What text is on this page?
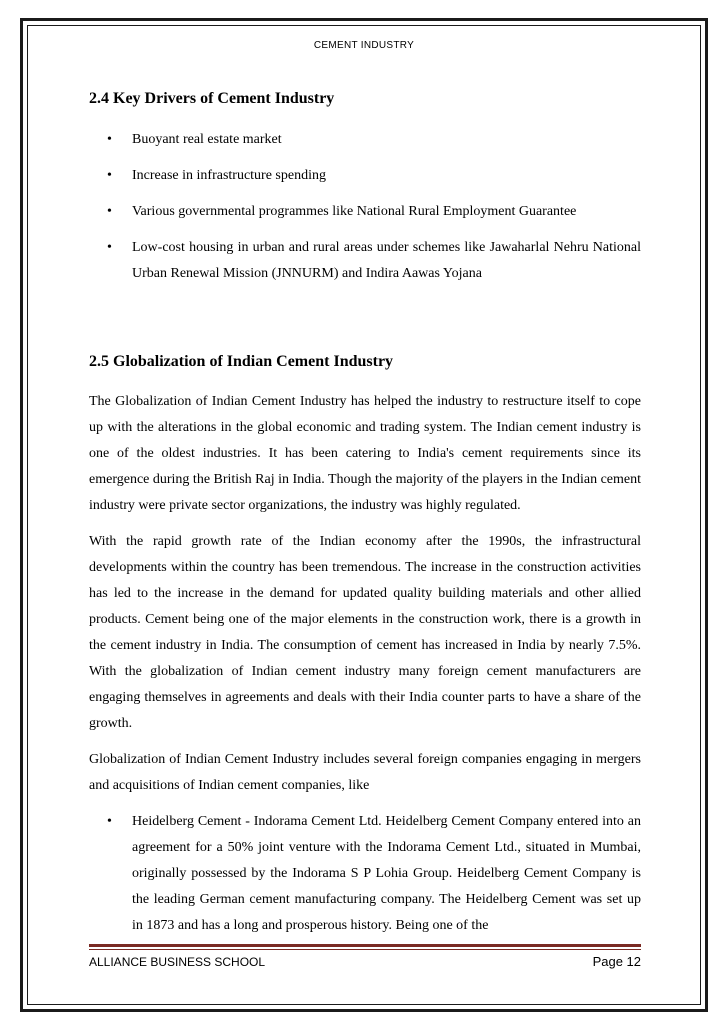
CEMENT INDUSTRY
2.4 Key Drivers of Cement Industry
• Buoyant real estate market
• Increase in infrastructure spending
• Various governmental programmes like National Rural Employment Guarantee
• Low-cost housing in urban and rural areas under schemes like Jawaharlal Nehru National Urban Renewal Mission (JNNURM) and Indira Aawas Yojana
2.5 Globalization of Indian Cement Industry

The Globalization of Indian Cement Industry has helped the industry to restructure itself to cope up with the alterations in the global economic and trading system. The Indian cement industry is one of the oldest industries. It has been catering to India's cement requirements since its emergence during the British Raj in India. Though the majority of the players in the Indian cement industry were private sector organizations, the industry was highly regulated.

With the rapid growth rate of the Indian economy after the 1990s, the infrastructural developments within the country has been tremendous. The increase in the construction activities has led to the increase in the demand for updated quality building materials and other allied products. Cement being one of the major elements in the construction work, there is a growth in the cement industry in India. The consumption of cement has increased in India by nearly 7.5%. With the globalization of Indian cement industry many foreign cement manufacturers are engaging themselves in agreements and deals with their India counter parts to have a share of the growth.

Globalization of Indian Cement Industry includes several foreign companies engaging in mergers and acquisitions of Indian cement companies, like

• Heidelberg Cement - Indorama Cement Ltd. Heidelberg Cement Company entered into an agreement for a 50% joint venture with the Indorama Cement Ltd., situated in Mumbai, originally possessed by the Indorama S P Lohia Group. Heidelberg Cement Company is the leading German cement manufacturing company. The Heidelberg Cement was set up in 1873 and has a long and prosperous history. Being one of the
ALLIANCE BUSINESS SCHOOL	Page 12
